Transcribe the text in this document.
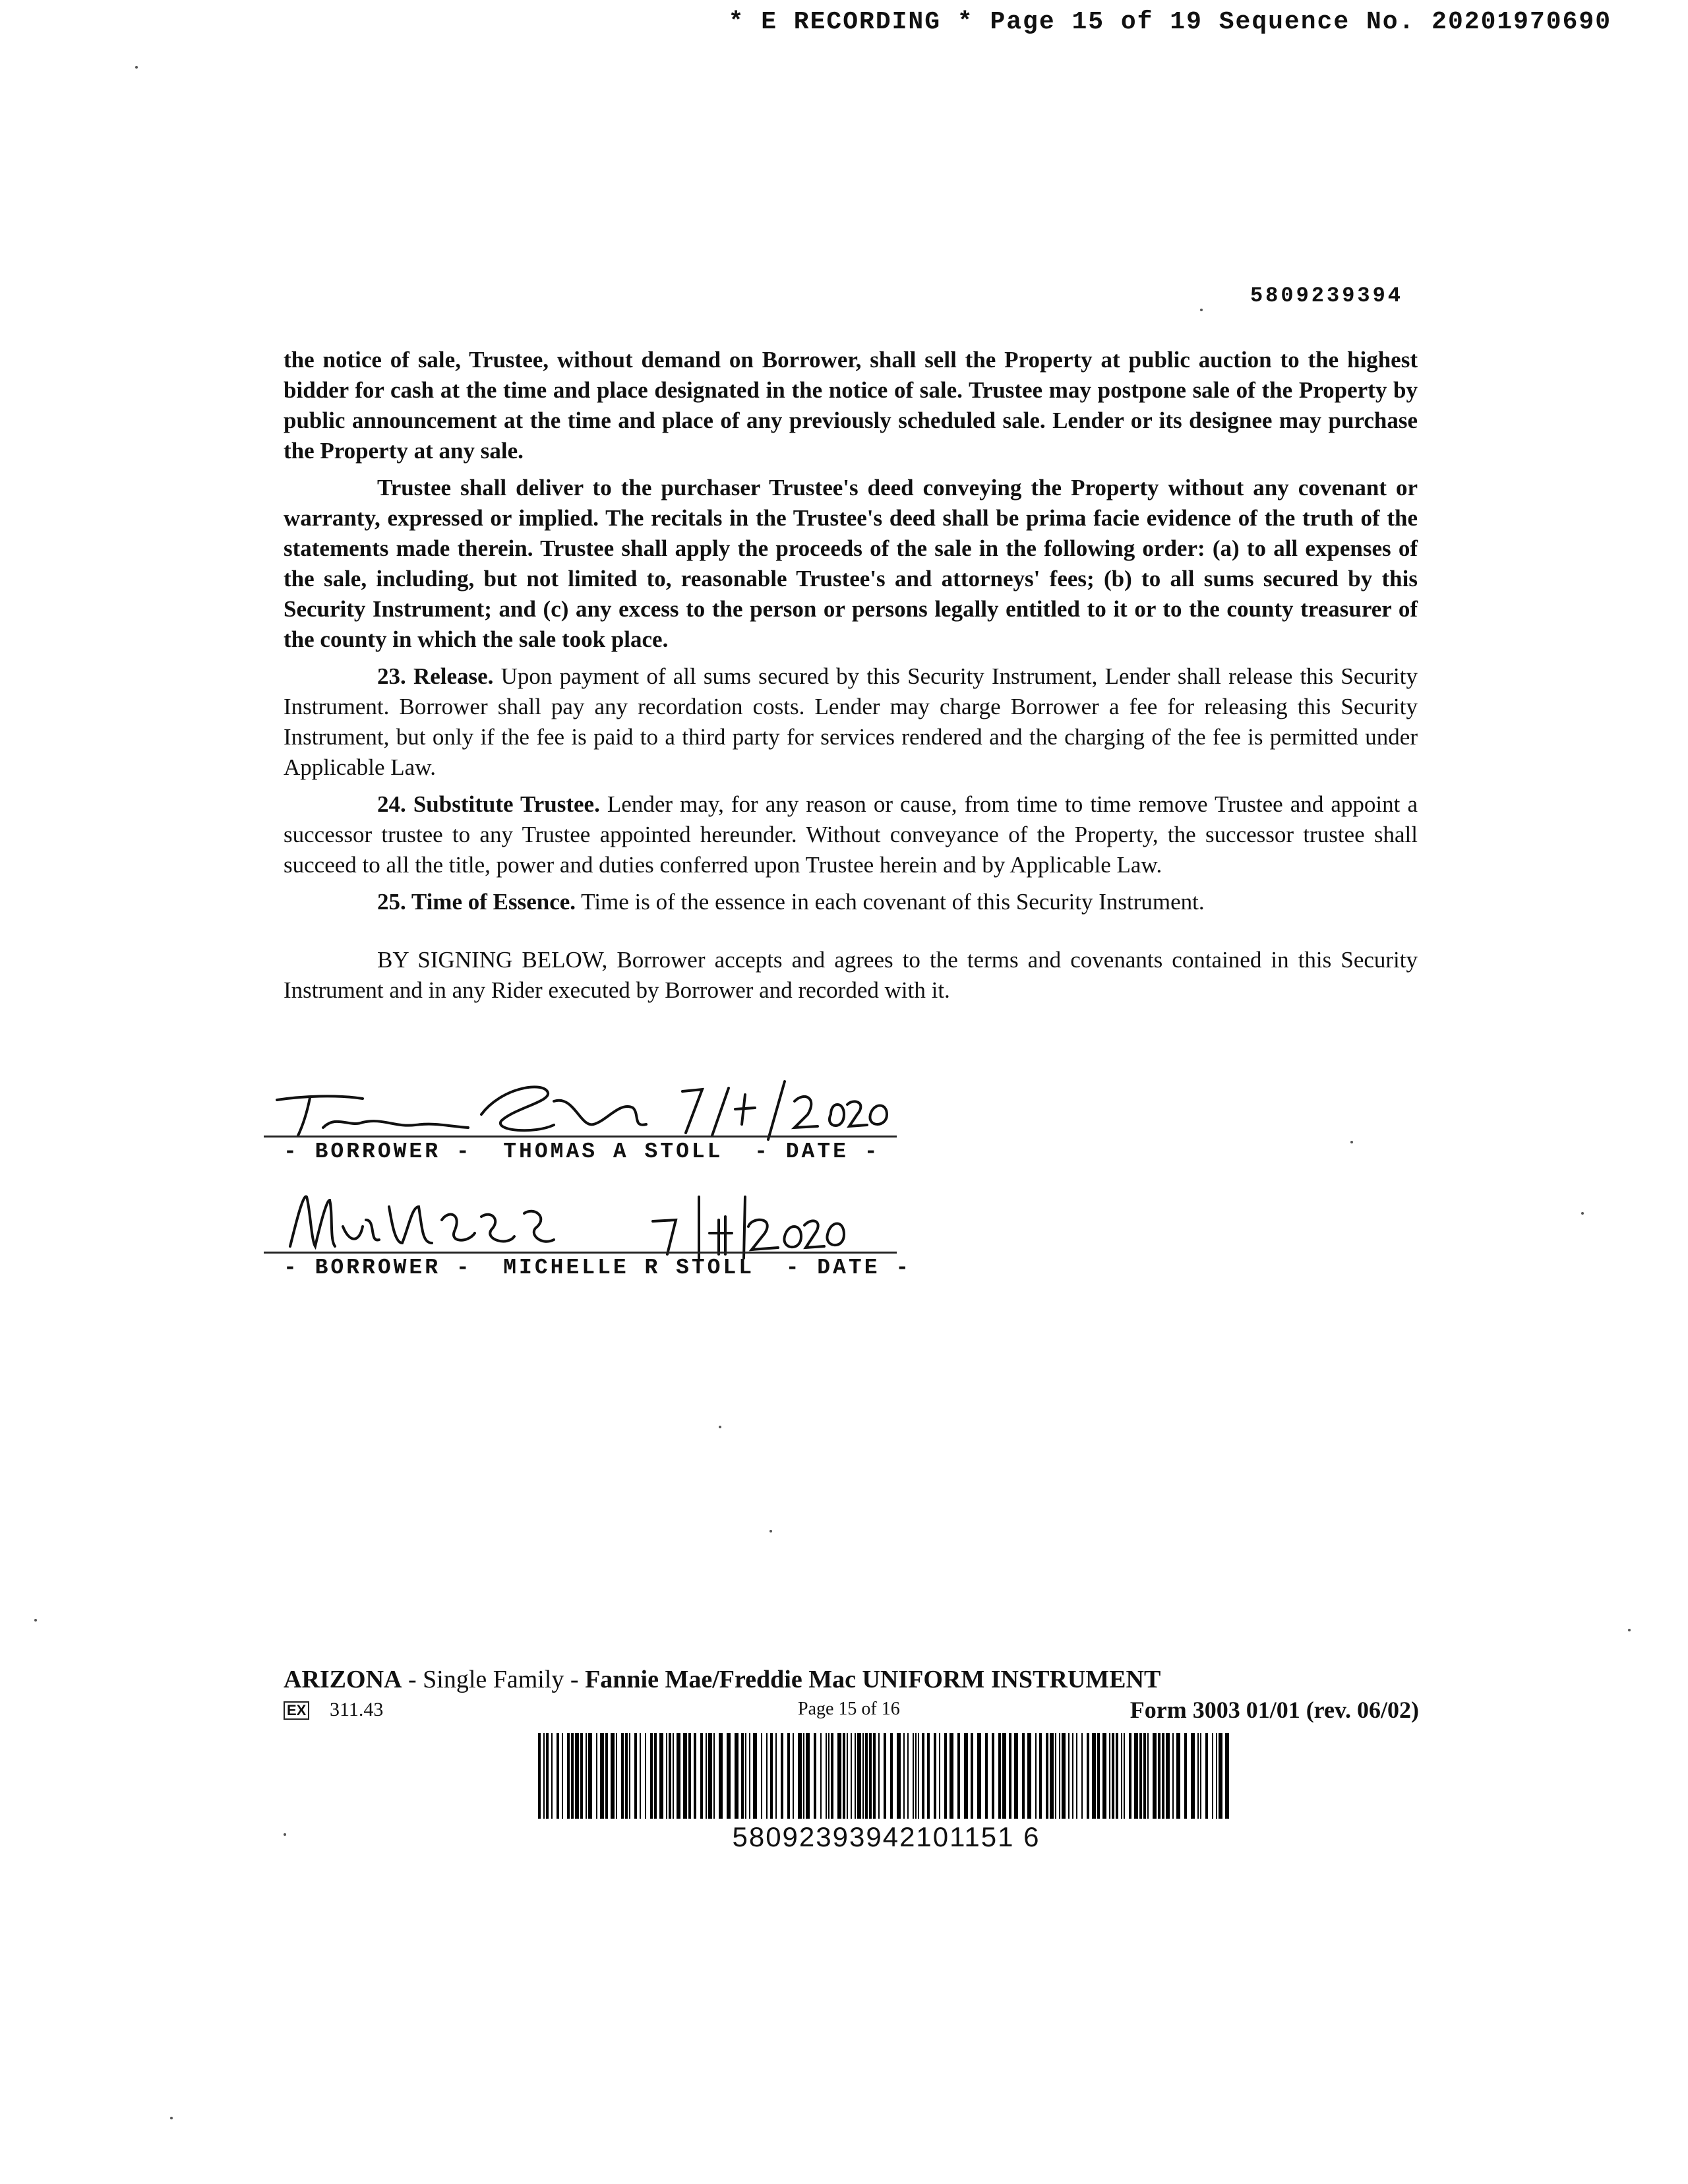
* E RECORDING * Page 15 of 19 Sequence No. 20201970690
5809239394

the notice of sale, Trustee, without demand on Borrower, shall sell the Property at public auction to the highest bidder for cash at the time and place designated in the notice of sale. Trustee may postpone sale of the Property by public announcement at the time and place of any previously scheduled sale. Lender or its designee may purchase the Property at any sale.

Trustee shall deliver to the purchaser Trustee's deed conveying the Property without any covenant or warranty, expressed or implied. The recitals in the Trustee's deed shall be prima facie evidence of the truth of the statements made therein. Trustee shall apply the proceeds of the sale in the following order: (a) to all expenses of the sale, including, but not limited to, reasonable Trustee's and attorneys' fees; (b) to all sums secured by this Security Instrument; and (c) any excess to the person or persons legally entitled to it or to the county treasurer of the county in which the sale took place.

23. Release. Upon payment of all sums secured by this Security Instrument, Lender shall release this Security Instrument. Borrower shall pay any recordation costs. Lender may charge Borrower a fee for releasing this Security Instrument, but only if the fee is paid to a third party for services rendered and the charging of the fee is permitted under Applicable Law.

24. Substitute Trustee. Lender may, for any reason or cause, from time to time remove Trustee and appoint a successor trustee to any Trustee appointed hereunder. Without conveyance of the Property, the successor trustee shall succeed to all the title, power and duties conferred upon Trustee herein and by Applicable Law.

25. Time of Essence. Time is of the essence in each covenant of this Security Instrument.

BY SIGNING BELOW, Borrower accepts and agrees to the terms and covenants contained in this Security Instrument and in any Rider executed by Borrower and recorded with it.

- BORROWER -  THOMAS A STOLL  - DATE -
- BORROWER -  MICHELLE R STOLL  - DATE -
ARIZONA - Single Family - Fannie Mae/Freddie Mac UNIFORM INSTRUMENT
EX 311.43	Page 15 of 16	Form 3003 01/01 (rev. 06/02)
58092393942101151 6
